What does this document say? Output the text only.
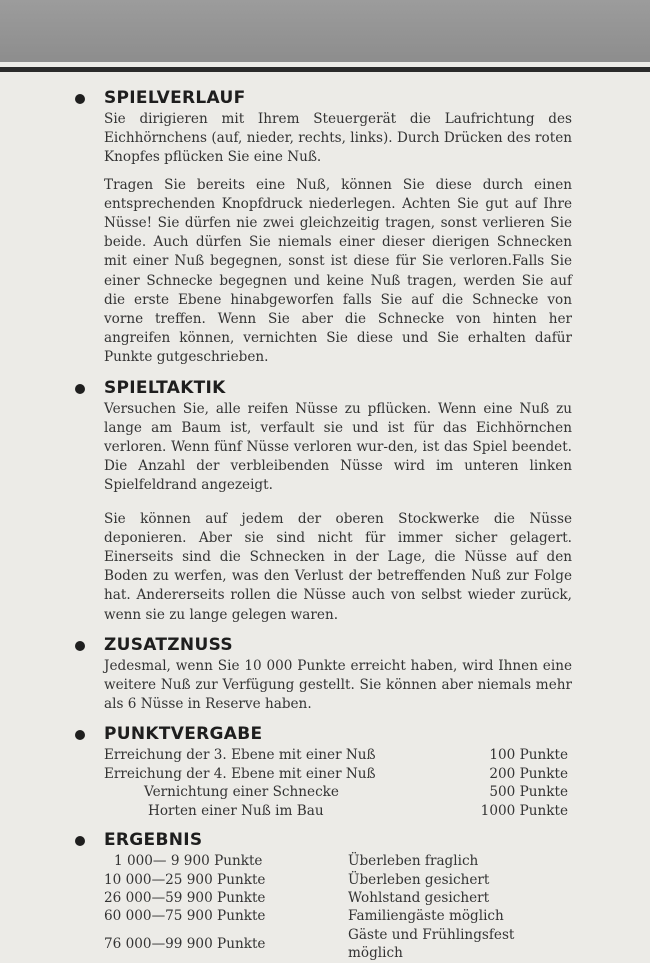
SPIELVERLAUF

Sie dirigieren mit Ihrem Steuergerät die Laufrichtung des Eichhörnchens (auf, nieder, rechts, links). Durch Drücken des roten Knopfes pflücken Sie eine Nuß.

Tragen Sie bereits eine Nuß, können Sie diese durch einen entsprechenden Knopfdruck niederlegen. Achten Sie gut auf Ihre Nüsse! Sie dürfen nie zwei gleichzeitig tragen, sonst verlieren Sie beide. Auch dürfen Sie niemals einer dieser dierigen Schnecken mit einer Nuß begegnen, sonst ist diese für Sie verloren.Falls Sie einer Schnecke begegnen und keine Nuß tragen, werden Sie auf die erste Ebene hinabgeworfen falls Sie auf die Schnecke von vorne treffen. Wenn Sie aber die Schnecke von hinten her angreifen können, vernichten Sie diese und Sie erhalten dafür Punkte gutgeschrieben.

SPIELTAKTIK

Versuchen Sie, alle reifen Nüsse zu pflücken. Wenn eine Nuß zu lange am Baum ist, verfault sie und ist für das Eichhörnchen verloren. Wenn fünf Nüsse verloren wur-den, ist das Spiel beendet. Die Anzahl der verbleibenden Nüsse wird im unteren linken Spielfeldrand angezeigt.

Sie können auf jedem der oberen Stockwerke die Nüsse deponieren. Aber sie sind nicht für immer sicher gelagert. Einerseits sind die Schnecken in der Lage, die Nüsse auf den Boden zu werfen, was den Verlust der betreffenden Nuß zur Folge hat. Andererseits rollen die Nüsse auch von selbst wieder zurück, wenn sie zu lange gelegen waren.

ZUSATZNUSS

Jedesmal, wenn Sie 10 000 Punkte erreicht haben, wird Ihnen eine weitere Nuß zur Verfügung gestellt. Sie können aber niemals mehr als 6 Nüsse in Reserve haben.

PUNKTVERGABE
Erreichung der 3. Ebene mit einer Nuß	100 Punkte
Erreichung der 4. Ebene mit einer Nuß	200 Punkte
Vernichtung einer Schnecke	500 Punkte
Horten einer Nuß im Bau	1000 Punkte
ERGEBNIS
1 000— 9 900 Punkte	Überleben fraglich
10 000—25 900 Punkte	Überleben gesichert
26 000—59 900 Punkte	Wohlstand gesichert
60 000—75 900 Punkte	Familiengäste möglich
76 000—99 900 Punkte	Gäste und Frühlingsfest möglich
